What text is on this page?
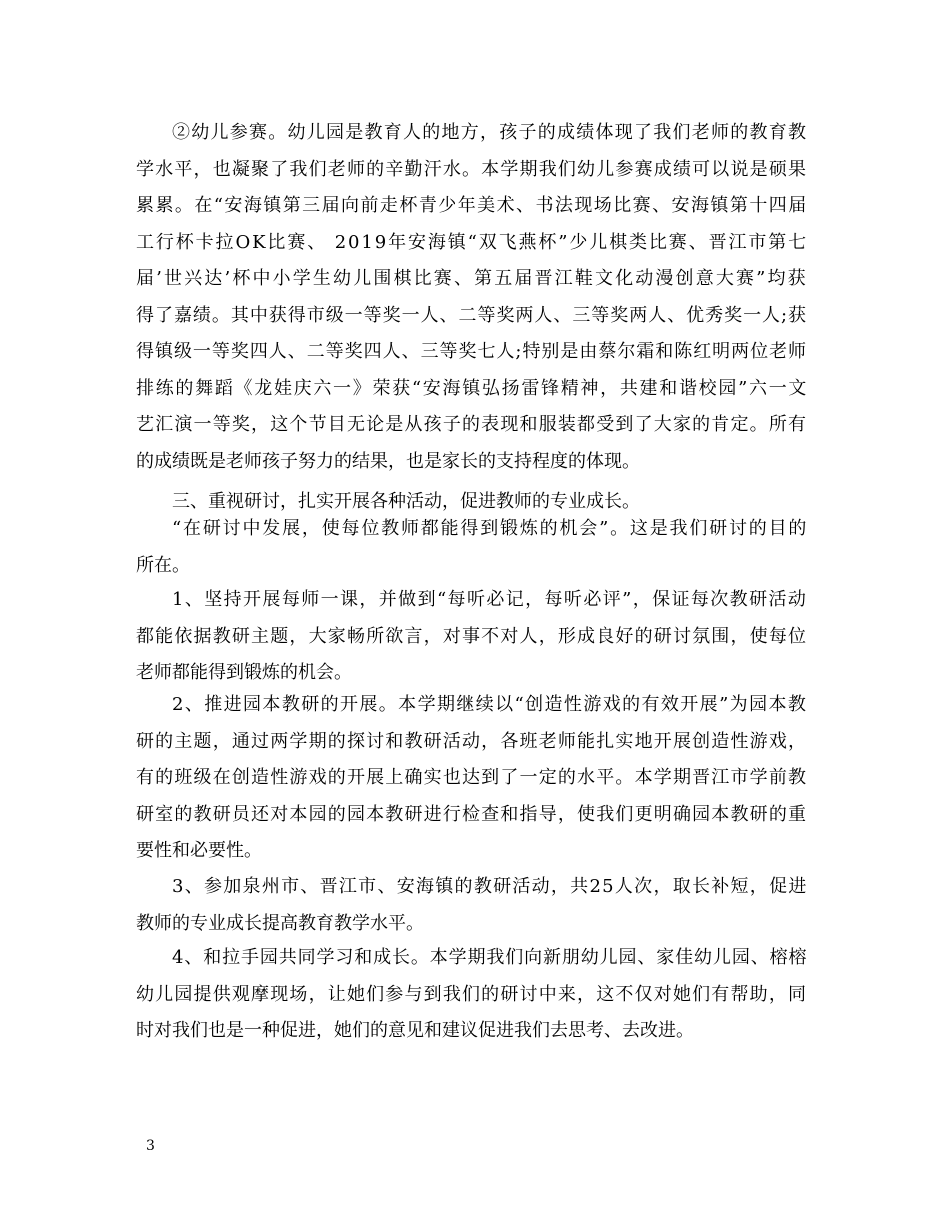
②幼儿参赛。幼儿园是教育人的地方，孩子的成绩体现了我们老师的教育教
学水平，也凝聚了我们老师的辛勤汗水。本学期我们幼儿参赛成绩可以说是硕果
累累。在“安海镇第三届向前走杯青少年美术、书法现场比赛、安海镇第十四届
工行杯卡拉OK比赛、 2019年安海镇“双飞燕杯”少儿棋类比赛、晋江市第七
届’世兴达’杯中小学生幼儿围棋比赛、第五届晋江鞋文化动漫创意大赛”均获
得了嘉绩。其中获得市级一等奖一人、二等奖两人、三等奖两人、优秀奖一人;获
得镇级一等奖四人、二等奖四人、三等奖七人;特别是由蔡尔霜和陈红明两位老师
排练的舞蹈《龙娃庆六一》荣获“安海镇弘扬雷锋精神，共建和谐校园”六一文
艺汇演一等奖，这个节目无论是从孩子的表现和服装都受到了大家的肯定。所有
的成绩既是老师孩子努力的结果，也是家长的支持程度的体现。
三、重视研讨，扎实开展各种活动，促进教师的专业成长。
“在研讨中发展，使每位教师都能得到锻炼的机会”。这是我们研讨的目的
所在。
1、坚持开展每师一课，并做到“每听必记，每听必评”，保证每次教研活动
都能依据教研主题，大家畅所欲言，对事不对人，形成良好的研讨氛围，使每位
老师都能得到锻炼的机会。
2、推进园本教研的开展。本学期继续以“创造性游戏的有效开展”为园本教
研的主题，通过两学期的探讨和教研活动，各班老师能扎实地开展创造性游戏，
有的班级在创造性游戏的开展上确实也达到了一定的水平。本学期晋江市学前教
研室的教研员还对本园的园本教研进行检查和指导，使我们更明确园本教研的重
要性和必要性。
3、参加泉州市、晋江市、安海镇的教研活动，共25人次，取长补短，促进
教师的专业成长提高教育教学水平。
4、和拉手园共同学习和成长。本学期我们向新朋幼儿园、家佳幼儿园、榕榕
幼儿园提供观摩现场，让她们参与到我们的研讨中来，这不仅对她们有帮助，同
时对我们也是一种促进，她们的意见和建议促进我们去思考、去改进。
3
